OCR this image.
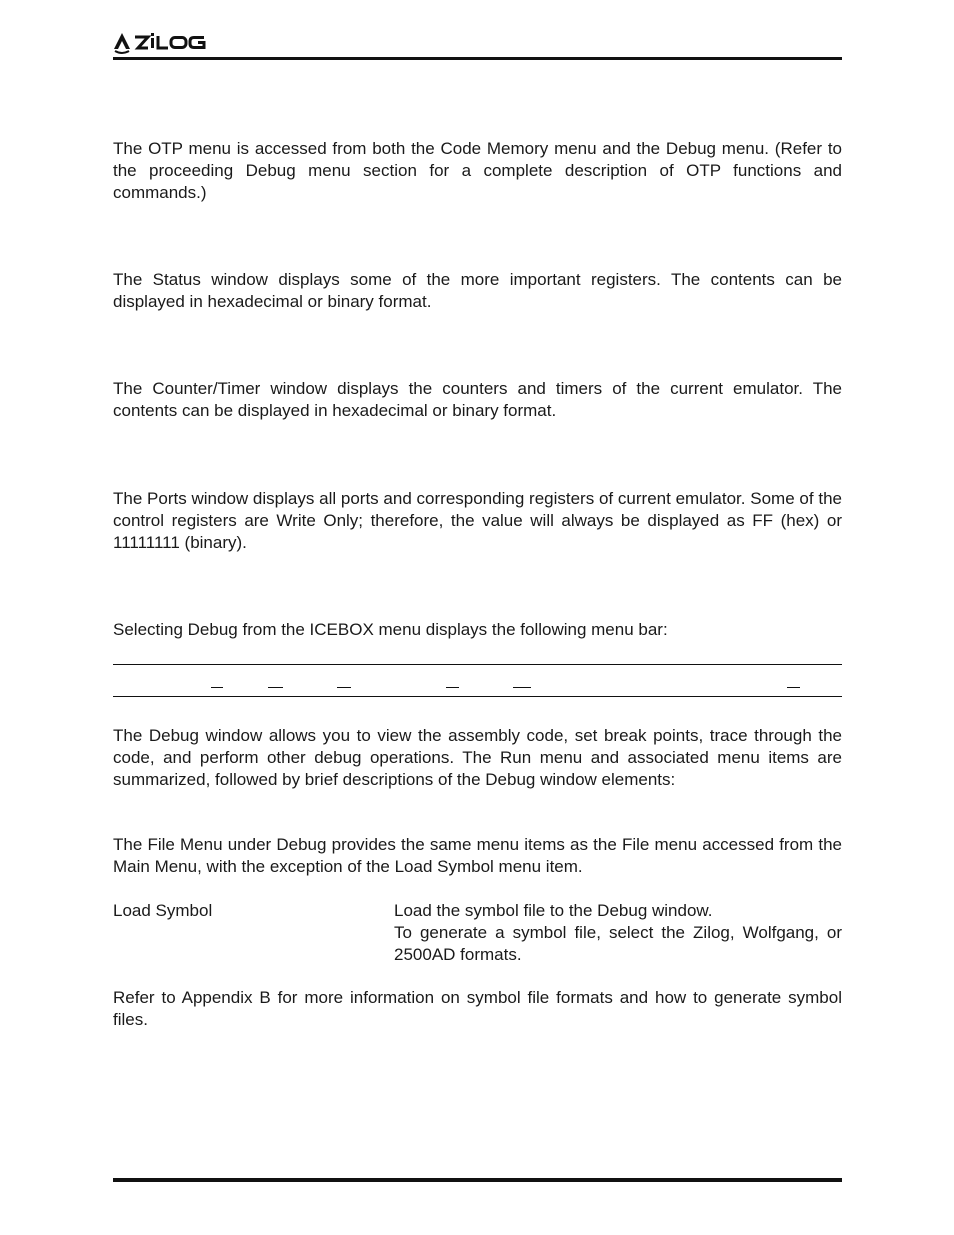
The OTP menu is accessed from both the Code Memory menu and the Debug menu. (Refer to the proceeding Debug menu section for a complete description of OTP functions and commands.)

The Status window displays some of the more important registers. The contents can be displayed in hexadecimal or binary format.

The Counter/Timer window displays the counters and timers of the current emulator. The contents can be displayed in hexadecimal or binary format.

The Ports window displays all ports and corresponding registers of current emulator. Some of the control registers are Write Only; therefore, the value will always be displayed as FF (hex) or 11111111 (binary).

Selecting Debug from the ICEBOX menu displays the following menu bar:

The Debug window allows you to view the assembly code, set break points, trace through the code, and perform other debug operations. The Run menu and associated menu items are summarized, followed by brief descriptions of the Debug window elements:

The File Menu under Debug provides the same menu items as the File menu accessed from the Main Menu, with the exception of the Load Symbol menu item.

Load Symbol	Load the symbol file to the Debug window.

To generate a symbol file, select the Zilog, Wolfgang, or 2500AD formats.

Refer to Appendix B for more information on symbol file formats and how to generate symbol files.
